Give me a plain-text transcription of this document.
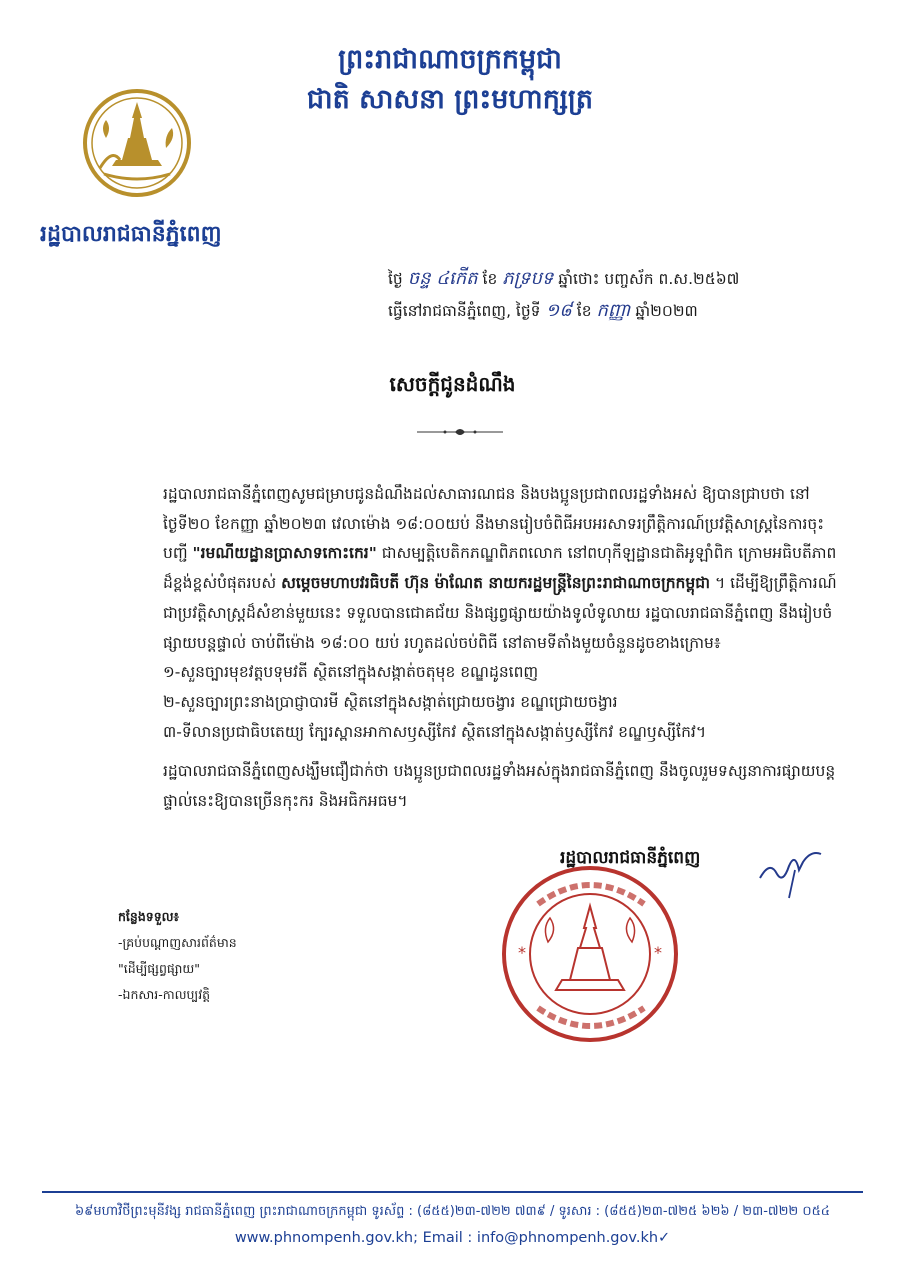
ព្រះរាជាណាចក្រកម្ពុជា
ជាតិ សាសនា ព្រះមហាក្សត្រ
រដ្ឋបាលរាជធានីភ្នំពេញ
ថ្ងៃ ចន្ទ ៤កេីត ខែ ភទ្របទ ឆ្នាំថោះ បញ្ចស័ក ព.ស.២៥៦៧
ធ្វើនៅរាជធានីភ្នំពេញ, ថ្ងៃទី ១៨ ខែ កញ្ញា ឆ្នាំ២០២៣
សេចក្ដីជូនដំណឹង

រដ្ឋបាលរាជធានីភ្នំពេញសូមជម្រាបជូនដំណឹងដល់សាធារណជន និងបងប្អូនប្រជាពលរដ្ឋទាំងអស់ ឱ្យបានជ្រាបថា នៅថ្ងៃទី២០ ខែកញ្ញា ឆ្នាំ២០២៣ វេលាម៉ោង ១៨:០០យប់ នឹងមានរៀបចំពិធីអបអរសាទរព្រឹត្តិការណ៍ប្រវត្តិសាស្ត្រនៃការចុះបញ្ជី "រមណីយដ្ឋានប្រាសាទកោះកេរ" ជាសម្បត្តិបេតិកភណ្ឌពិភពលោក នៅពហុកីឡដ្ឋានជាតិអូឡាំពិក ក្រោមអធិបតីភាពដ៏ខ្ពង់ខ្ពស់បំផុតរបស់ សម្ដេចមហាបវរធិបតី ហ៊ុន ម៉ាណែត នាយករដ្ឋមន្ត្រីនៃព្រះរាជាណាចក្រកម្ពុជា ។ ដើម្បីឱ្យព្រឹត្តិការណ៍ជាប្រវត្តិសាស្ត្រដ៏សំខាន់មួយនេះ ទទួលបានជោគជ័យ និងផ្សព្វផ្សាយយ៉ាងទូលំទូលាយ រដ្ឋបាលរាជធានីភ្នំពេញ នឹងរៀបចំផ្សាយបន្តផ្ទាល់ ចាប់ពីម៉ោង ១៨:០០ យប់ រហូតដល់ចប់ពិធី នៅតាមទីតាំងមួយចំនួនដូចខាងក្រោម៖

១-សួនច្បារមុខវត្តបទុមវតី ស្ថិតនៅក្នុងសង្កាត់ចតុមុខ ខណ្ឌដូនពេញ

២-សួនច្បារព្រះនាងប្រាជ្ញាបារមី ស្ថិតនៅក្នុងសង្កាត់ជ្រោយចង្វារ ខណ្ឌជ្រោយចង្វារ

៣-ទីលានប្រជាធិបតេយ្យ ក្បែរស្ពានអាកាសឫស្សីកែវ ស្ថិតនៅក្នុងសង្កាត់ឫស្សីកែវ ខណ្ឌឫស្សីកែវ។

រដ្ឋបាលរាជធានីភ្នំពេញសង្ឃឹមជឿជាក់ថា បងប្អូនប្រជាពលរដ្ឋទាំងអស់ក្នុងរាជធានីភ្នំពេញ នឹងចូលរួមទស្សនាការផ្សាយបន្តផ្ទាល់នេះឱ្យបានច្រើនកុះករ និងអធិកអធម។

រដ្ឋបាលរាជធានីភ្នំពេញ
*	*
កន្លែងទទួល៖
-គ្រប់បណ្ដាញសារព័ត៌មាន
"ដើម្បីផ្សព្វផ្សាយ"
-ឯកសារ-កាលប្បវត្តិ
៦៩មហាវិថីព្រះមុនីវង្ស រាជធានីភ្នំពេញ ព្រះរាជាណាចក្រកម្ពុជា ទូរស័ព្ទ : (៨៥៥)២៣-៧២២ ៧៣៩ / ទូរសារ : (៨៥៥)២៣-៧២៥ ៦២៦ / ២៣-៧២២ ០៥៤
www.phnompenh.gov.kh; Email : info@phnompenh.gov.kh✓
